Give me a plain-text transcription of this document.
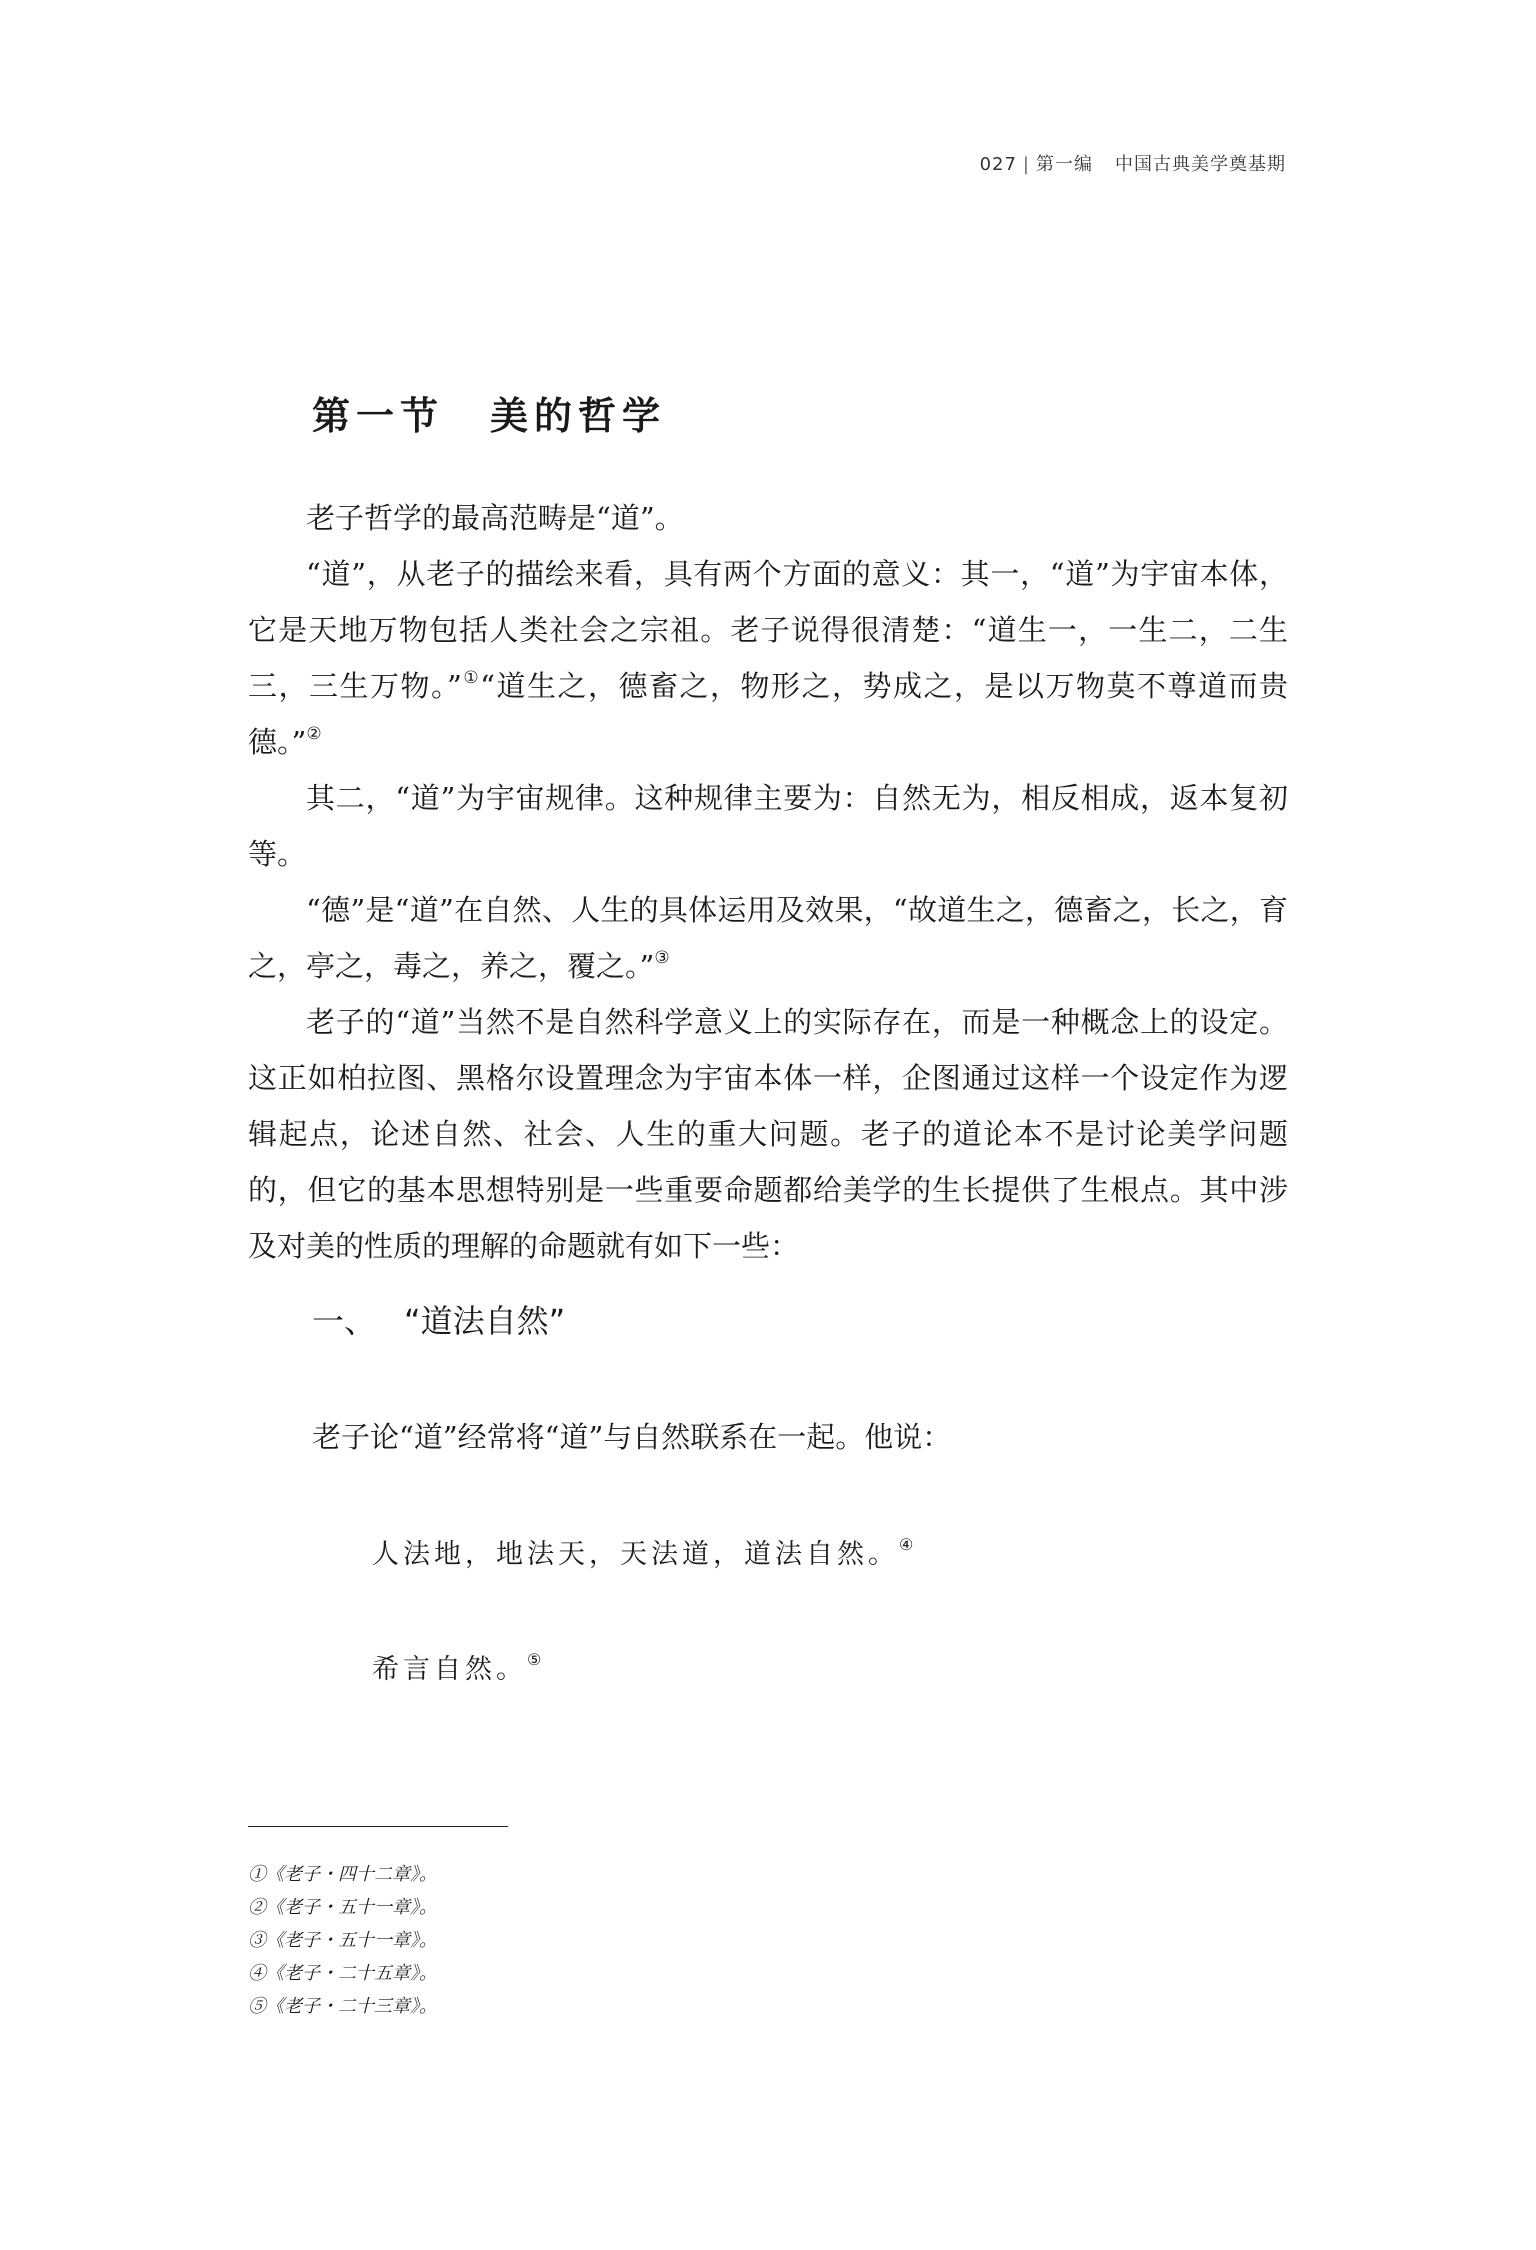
027 | 第一编 中国古典美学奠基期
第一节 美的哲学

老子哲学的最高范畴是“道”。

“道”，从老子的描绘来看，具有两个方面的意义：其一，“道”为宇宙本体，它是天地万物包括人类社会之宗祖。老子说得很清楚：“道生一，一生二，二生三，三生万物。”①“道生之，德畜之，物形之，势成之，是以万物莫不尊道而贵德。”②

其二，“道”为宇宙规律。这种规律主要为：自然无为，相反相成，返本复初等。

“德”是“道”在自然、人生的具体运用及效果，“故道生之，德畜之，长之，育之，亭之，毒之，养之，覆之。”③

老子的“道”当然不是自然科学意义上的实际存在，而是一种概念上的设定。这正如柏拉图、黑格尔设置理念为宇宙本体一样，企图通过这样一个设定作为逻辑起点，论述自然、社会、人生的重大问题。老子的道论本不是讨论美学问题的，但它的基本思想特别是一些重要命题都给美学的生长提供了生根点。其中涉及对美的性质的理解的命题就有如下一些：

一、 “道法自然”
老子论“道”经常将“道”与自然联系在一起。他说：
人法地，地法天，天法道，道法自然。④
希言自然。⑤
①《老子・四十二章》。
②《老子・五十一章》。
③《老子・五十一章》。
④《老子・二十五章》。
⑤《老子・二十三章》。
